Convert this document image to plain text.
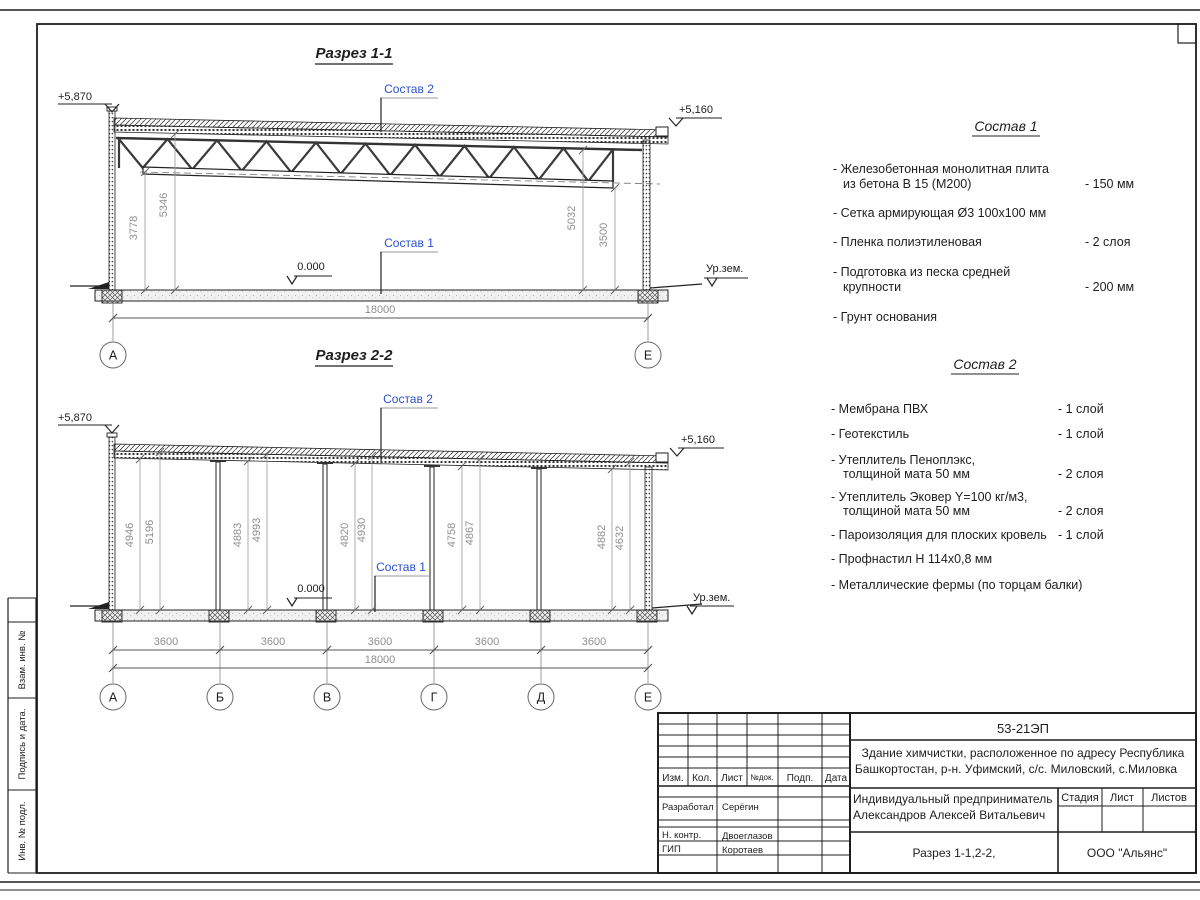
Взам. инв. №
Подпись и дата.
Инв. № подл.
Разрез 1-1
Состав 2
Состав 1
+5,870
+5,160
0.000	Ур.зем.
3778
5346
5032
3500
18000
А	Е
Разрез 2-2
Состав 2
Состав 1
+5,870
+5,160
0.000
Ур.зем.
4946 5196	4883 4993	4820 4930	4758 4867	4882 4632
3600	3600	3600	3600	3600
18000
А	Б	В	Г	Д	Е
Состав 1
- Железобетонная монолитная плита
из бетона В 15 (М200)	- 150 мм
- Сетка армирующая Ø3 100х100 мм
- Пленка полиэтиленовая	- 2 слоя
- Подготовка из песка средней
крупности	- 200 мм
- Грунт основания
Состав 2
- Мембрана ПВХ	- 1 слой
- Геотекстиль	- 1 слой
- Утеплитель Пеноплэкс,
толщиной мата 50 мм	- 2 слоя
- Утеплитель Эковер Y=100 кг/м3,
толщиной мата 50 мм	- 2 слоя
- Пароизоляция для плоских кровель - 1 слой
- Профнастил Н 114х0,8 мм
- Металлические фермы (по торцам балки)
53-21ЭП
Здание химчистки, расположенное по адресу Республика
Башкортостан, р-н. Уфимский, с/с. Миловский, с.Миловка
Изм. Кол. Лист №док. Подп. Дата
Индивидуальный предприниматель
Александров Алексей Витальевич
Стадия Лист Листов
Разрез 1-1,2-2,	ООО "Альянс"
Разработал Серёгин
Н. контр. Двоеглазов
ГИП	Коротаев
